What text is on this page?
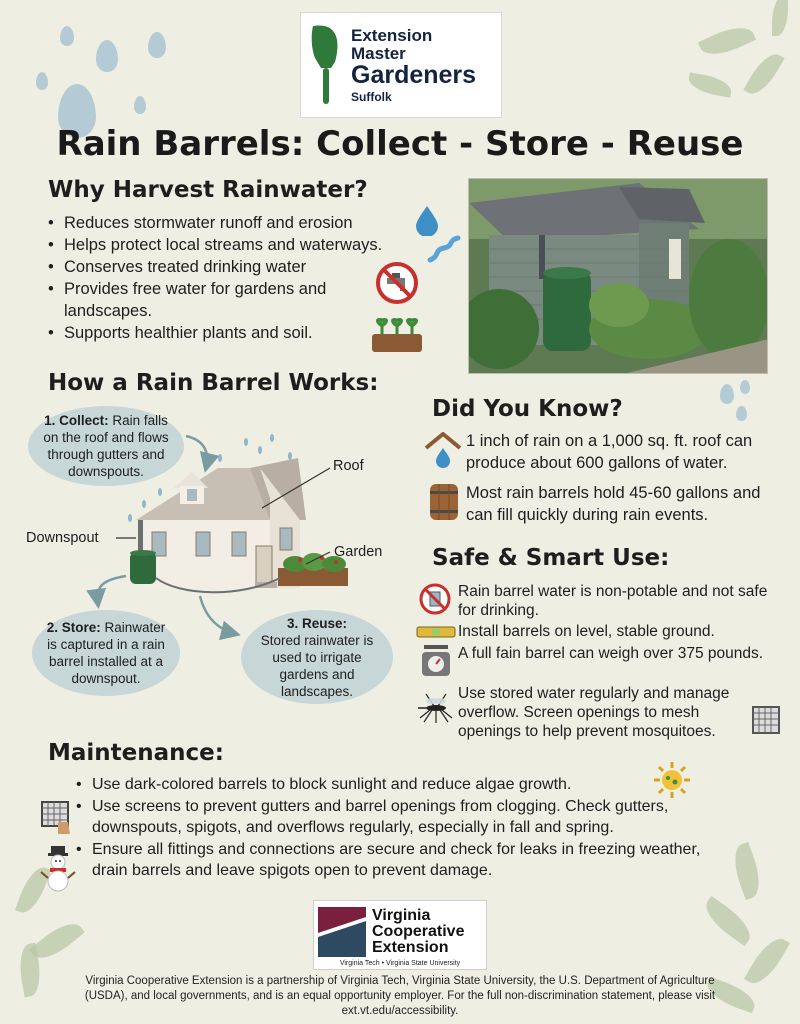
Extension
Master
Gardeners
Suffolk
Rain Barrels: Collect - Store - Reuse
Why Harvest Rainwater?
• Reduces stormwater runoff and erosion
• Helps protect local streams and waterways.
• Conserves treated drinking water
• Provides free water for gardens and landscapes.
• Supports healthier plants and soil.
How a Rain Barrel Works:
Roof
Downspout
Garden

1. Collect: Rain falls on the roof and flows through gutters and downspouts.

2. Store: Rainwater is captured in a rain barrel installed at a downspout.

3. Reuse:
Stored rainwater is used to irrigate gardens and landscapes.

Did You Know?

1 inch of rain on a 1,000 sq. ft. roof can produce about 600 gallons of water.

Most rain barrels hold 45-60 gallons and can fill quickly during rain events.

Safe & Smart Use:

Rain barrel water is non-potable and not safe for drinking.

Install barrels on level, stable ground.

A full fain barrel can weigh over 375 pounds.

Use stored water regularly and manage overflow. Screen openings to mesh openings to help prevent mosquitoes.

Maintenance:
• Use dark-colored barrels to block sunlight and reduce algae growth.
• Use screens to prevent gutters and barrel openings from clogging. Check gutters, downspouts, spigots, and overflows regularly, especially in fall and spring.
• Ensure all fittings and connections are secure and check for leaks in freezing weather, drain barrels and leave spigots open to prevent damage.
Virginia
Cooperative
Extension
Virginia Tech • Virginia State University

Virginia Cooperative Extension is a partnership of Virginia Tech, Virginia State University, the U.S. Department of Agriculture (USDA), and local governments, and is an equal opportunity employer. For the full non-discrimination statement, please visit ext.vt.edu/accessibility.
